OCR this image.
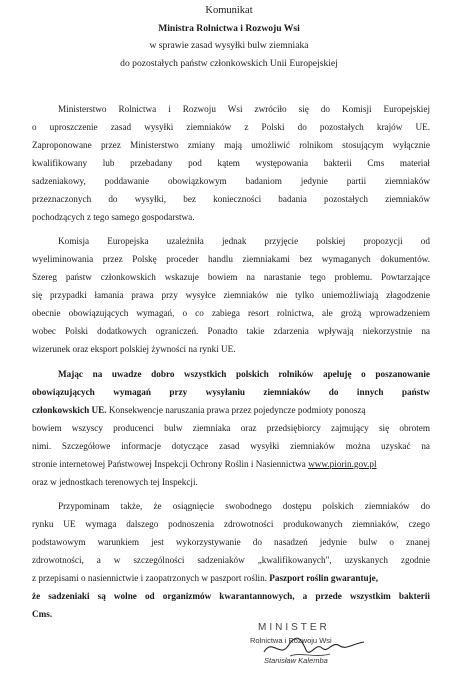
Komunikat
Ministra Rolnictwa i Rozwoju Wsi
w sprawie zasad wysyłki bulw ziemniaka
do pozostałych państw członkowskich Unii Europejskiej
Ministerstwo Rolnictwa i Rozwoju Wsi zwróciło się do Komisji Europejskiej
o uproszczenie zasad wysyłki ziemniaków z Polski do pozostałych krajów UE.
Zaproponowane przez Ministerstwo zmiany mają umożliwić rolnikom stosującym wyłącznie
kwalifikowany lub przebadany pod kątem występowania bakterii Cms materiał
sadzeniakowy, poddawanie obowiązkowym badaniom jedynie partii ziemniaków
przeznaczonych do wysyłki, bez konieczności badania pozostałych ziemniaków
pochodzących z tego samego gospodarstwa.
Komisja Europejska uzależniła jednak przyjęcie polskiej propozycji od
wyeliminowania przez Polskę proceder handlu ziemniakami bez wymaganych dokumentów.
Szereg państw członkowskich wskazuje bowiem na narastanie tego problemu. Powtarzające
się przypadki łamania prawa przy wysyłce ziemniaków nie tylko uniemożliwiają złagodzenie
obecnie obowiązujących wymagań, o co zabiega resort rolnictwa, ale grożą wprowadzeniem
wobec Polski dodatkowych ograniczeń. Ponadto takie zdarzenia wpływają niekorzystnie na
wizerunek oraz eksport polskiej żywności na rynki UE.
Mając na uwadze dobro wszystkich polskich rolników apeluję o poszanowanie
obowiązujących wymagań przy wysyłaniu ziemniaków do innych państw
członkowskich UE. Konsekwencje naruszania prawa przez pojedyncze podmioty ponoszą
bowiem wszyscy producenci bulw ziemniaka oraz przedsiębiorcy zajmujący się obrotem
nimi. Szczegółowe informacje dotyczące zasad wysyłki ziemniaków można uzyskać na
stronie internetowej Państwowej Inspekcji Ochrony Roślin i Nasiennictwa www.piorin.gov.pl
oraz w jednostkach terenowych tej Inspekcji.
Przypominam także, że osiągnięcie swobodnego dostępu polskich ziemniaków do
rynku UE wymaga dalszego podnoszenia zdrowotności produkowanych ziemniaków, czego
podstawowym warunkiem jest wykorzystywanie do nasadzeń jedynie bulw o znanej
zdrowotności, a w szczególności sadzeniaków „kwalifikowanych", uzyskanych zgodnie
z przepisami o nasiennictwie i zaopatrzonych w paszport roślin. Paszport roślin gwarantuje,
że sadzeniaki są wolne od organizmów kwarantannowych, a przede wszystkim bakterii
Cms.
MINISTER
Rolnictwa i Rozwoju Wsi
Stanisław Kalemba
